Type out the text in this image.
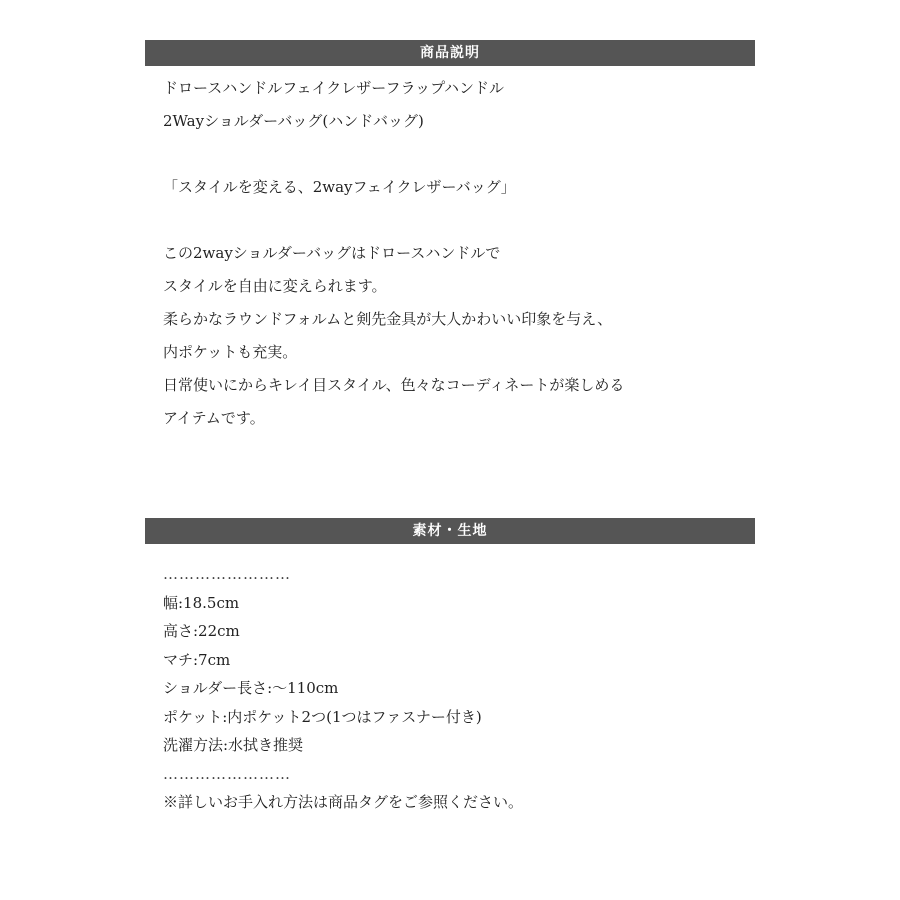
商品説明
ドロースハンドルフェイクレザーフラップハンドル
2Wayショルダーバッグ(ハンドバッグ)
「スタイルを変える、2wayフェイクレザーバッグ」
この2wayショルダーバッグはドロースハンドルで
スタイルを自由に変えられます。
柔らかなラウンドフォルムと剣先金具が大人かわいい印象を与え、
内ポケットも充実。
日常使いにからキレイ目スタイル、色々なコーディネートが楽しめる
アイテムです。
素材・生地
……………………
幅:18.5cm
高さ:22cm
マチ:7cm
ショルダー長さ:〜110cm
ポケット:内ポケット2つ(1つはファスナー付き)
洗濯方法:水拭き推奨
……………………
※詳しいお手入れ方法は商品タグをご参照ください。
